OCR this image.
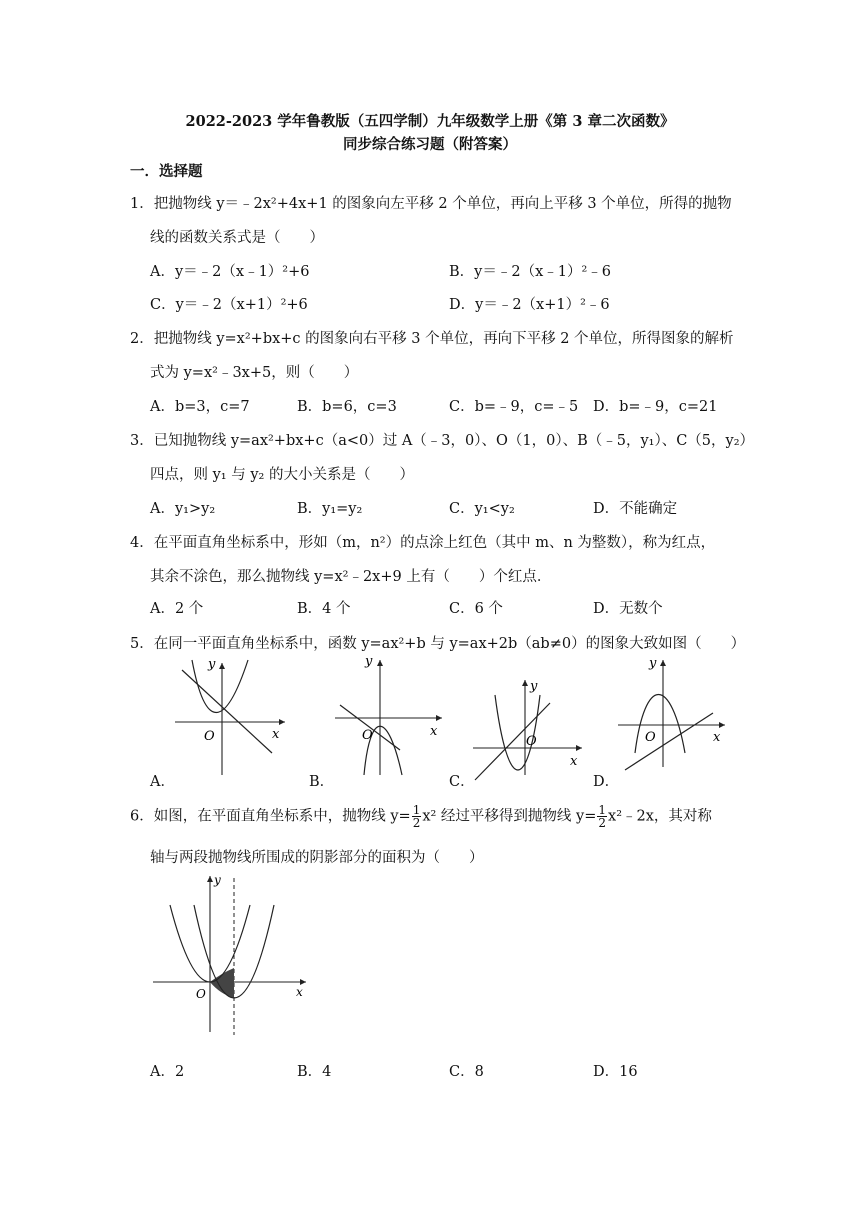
2022-2023 学年鲁教版（五四学制）九年级数学上册《第 3 章二次函数》
同步综合练习题（附答案）
一．选择题
1．把抛物线 y＝﹣2x²+4x+1 的图象向左平移 2 个单位，再向上平移 3 个单位，所得的抛物
线的函数关系式是（　　）
A．y＝﹣2（x﹣1）²+6	B．y＝﹣2（x﹣1）²﹣6
C．y＝﹣2（x+1）²+6	D．y＝﹣2（x+1）²﹣6
2．把抛物线 y=x²+bx+c 的图象向右平移 3 个单位，再向下平移 2 个单位，所得图象的解析
式为 y=x²﹣3x+5，则（　　）
A．b=3，c=7	B．b=6，c=3	C．b=﹣9，c=﹣5 D．b=﹣9，c=21
3．已知抛物线 y=ax²+bx+c（a<0）过 A（﹣3，0）、O（1，0）、B（﹣5，y₁）、C（5，y₂）
四点，则 y₁ 与 y₂ 的大小关系是（　　）
A．y₁>y₂	B．y₁=y₂	C．y₁<y₂	D．不能确定
4．在平面直角坐标系中，形如（m，n²）的点涂上红色（其中 m、n 为整数），称为红点，
其余不涂色，那么抛物线 y=x²﹣2x+9 上有（　　）个红点．
A．2 个	B．4 个	C．6 个	D．无数个
5．在同一平面直角坐标系中，函数 y=ax²+b 与 y=ax+2b（ab≠0）的图象大致如图（　　）
y
x
O
A．
y
x
O
B．
y
x
O
C．
y
x
O
D．
6．如图，在平面直角坐标系中，抛物线 $y= \frac{1}{2} x^2$ 经过平移得到抛物线 $y= \frac{1}{2}$ x²﹣2x，其对称
轴与两段抛物线所围成的阴影部分的面积为（　　）
y
x
O
A．2	B．4	C．8	D．16
